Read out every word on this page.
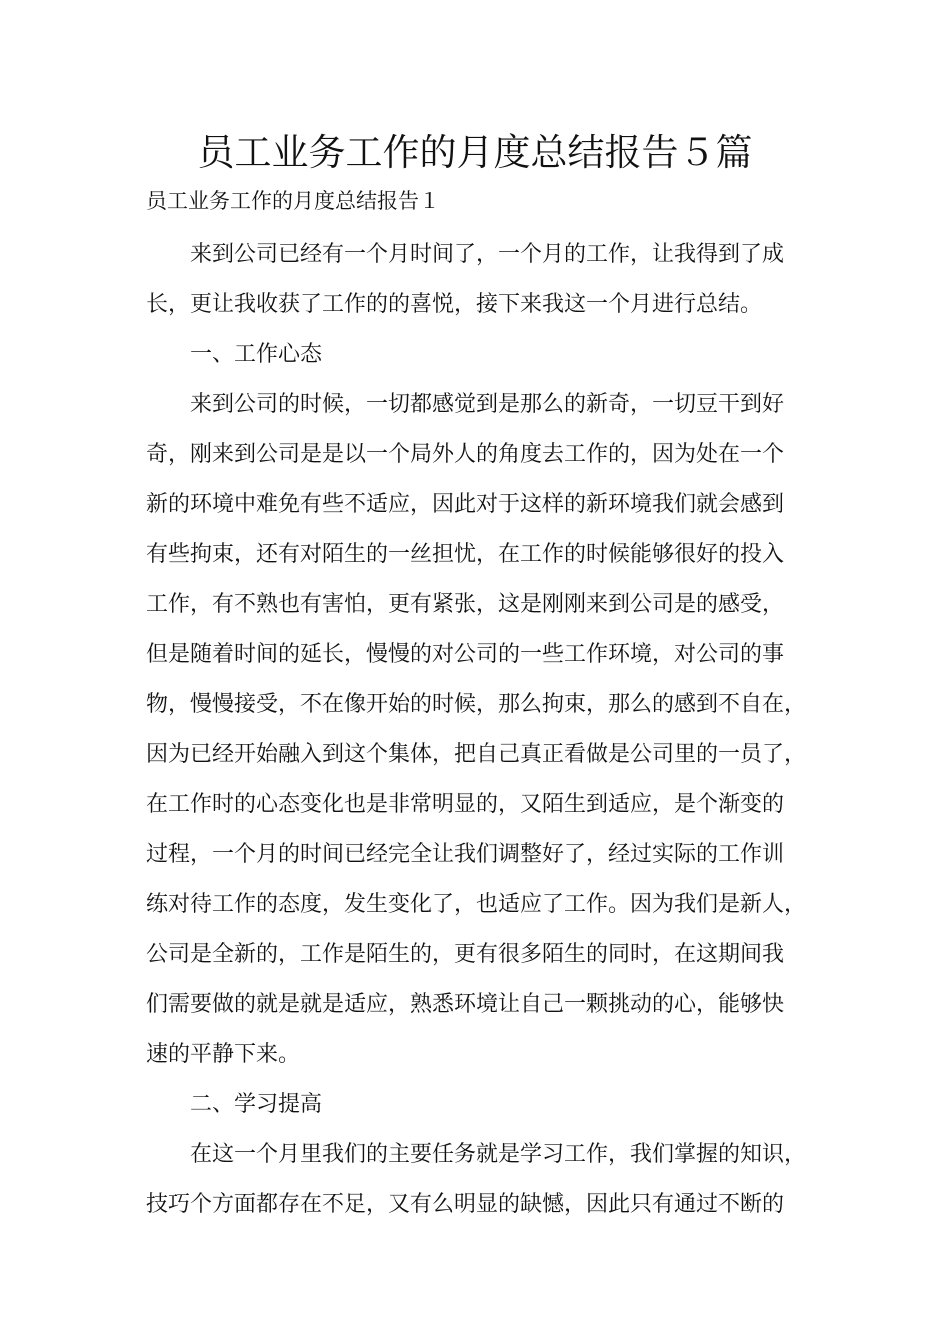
员工业务工作的月度总结报告５篇

员工业务工作的月度总结报告１

来到公司已经有一个月时间了，一个月的工作，让我得到了成
长，更让我收获了工作的的喜悦，接下来我这一个月进行总结。
一、工作心态
来到公司的时候，一切都感觉到是那么的新奇，一切豆干到好
奇，刚来到公司是是以一个局外人的角度去工作的，因为处在一个
新的环境中难免有些不适应，因此对于这样的新环境我们就会感到
有些拘束，还有对陌生的一丝担忧，在工作的时候能够很好的投入
工作，有不熟也有害怕，更有紧张，这是刚刚来到公司是的感受，
但是随着时间的延长，慢慢的对公司的一些工作环境，对公司的事
物，慢慢接受，不在像开始的时候，那么拘束，那么的感到不自在，
因为已经开始融入到这个集体，把自己真正看做是公司里的一员了，
在工作时的心态变化也是非常明显的，又陌生到适应，是个渐变的
过程，一个月的时间已经完全让我们调整好了，经过实际的工作训
练对待工作的态度，发生变化了，也适应了工作。因为我们是新人，
公司是全新的，工作是陌生的，更有很多陌生的同时，在这期间我
们需要做的就是就是适应，熟悉环境让自己一颗挑动的心，能够快
速的平静下来。
二、学习提高
在这一个月里我们的主要任务就是学习工作，我们掌握的知识，
技巧个方面都存在不足，又有么明显的缺憾，因此只有通过不断的
